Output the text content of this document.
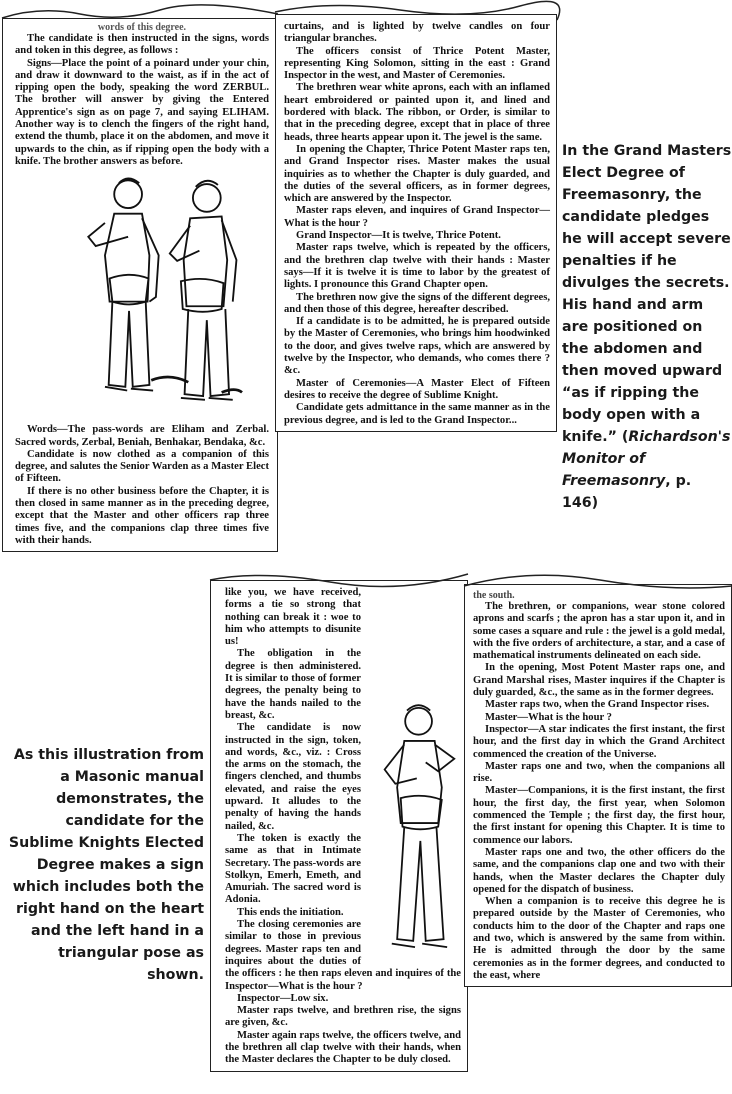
words of this degree.

The candidate is then instructed in the signs, words and token in this degree, as follows :

Signs—Place the point of a poinard under your chin, and draw it downward to the waist, as if in the act of ripping open the body, speaking the word ZERBUL. The brother will answer by giving the Entered Apprentice's sign as on page 7, and saying ELIHAM. Another way is to clench the fingers of the right hand, extend the thumb, place it on the abdomen, and move it upwards to the chin, as if ripping open the body with a knife. The brother answers as before.

Words—The pass-words are Eliham and Zerbal. Sacred words, Zerbal, Beniah, Benhakar, Bendaka, &c.

Candidate is now clothed as a companion of this degree, and salutes the Senior Warden as a Master Elect of Fifteen.

If there is no other business before the Chapter, it is then closed in same manner as in the preceding degree, except that the Master and other officers rap three times five, and the companions clap three times five with their hands.

curtains, and is lighted by twelve candles on four triangular branches.

The officers consist of Thrice Potent Master, representing King Solomon, sitting in the east : Grand Inspector in the west, and Master of Ceremonies.

The brethren wear white aprons, each with an inflamed heart embroidered or painted upon it, and lined and bordered with black. The ribbon, or Order, is similar to that in the preceding degree, except that in place of three heads, three hearts appear upon it. The jewel is the same.

In opening the Chapter, Thrice Potent Master raps ten, and Grand Inspector rises. Master makes the usual inquiries as to whether the Chapter is duly guarded, and the duties of the several officers, as in former degrees, which are answered by the Inspector.

Master raps eleven, and inquires of Grand Inspector—What is the hour ?

Grand Inspector—It is twelve, Thrice Potent.

Master raps twelve, which is repeated by the officers, and the brethren clap twelve with their hands : Master says—If it is twelve it is time to labor by the greatest of lights. I pronounce this Grand Chapter open.

The brethren now give the signs of the different degrees, and then those of this degree, hereafter described.

If a candidate is to be admitted, he is prepared outside by the Master of Ceremonies, who brings him hoodwinked to the door, and gives twelve raps, which are answered by twelve by the Inspector, who demands, who comes there ? &c.

Master of Ceremonies—A Master Elect of Fifteen desires to receive the degree of Sublime Knight.

Candidate gets admittance in the same manner as in the previous degree, and is led to the Grand Inspector...

In the Grand Masters Elect Degree of Freemasonry, the candidate pledges he will accept severe penalties if he divulges the secrets. His hand and arm are positioned on the abdomen and then moved upward “as if ripping the body open with a knife.” (Richardson's Monitor of Freemasonry, p. 146)

like you, we have received, forms a tie so strong that nothing can break it : woe to him who attempts to disunite us!

The obligation in the degree is then administered. It is similar to those of former degrees, the penalty being to have the hands nailed to the breast, &c.

The candidate is now instructed in the sign, token, and words, &c., viz. : Cross the arms on the stomach, the fingers clenched, and thumbs elevated, and raise the eyes upward. It alludes to the penalty of having the hands nailed, &c.

The token is exactly the same as that in Intimate Secretary. The pass-words are Stolkyn, Emerh, Emeth, and Amuriah. The sacred word is Adonia.

This ends the initiation.

The closing ceremonies are similar to those in previous degrees. Master raps ten and inquires about the duties of the officers : he then raps eleven and inquires of the Inspector—What is the hour ?

Inspector—Low six.

Master raps twelve, and brethren rise, the signs are given, &c.

Master again raps twelve, the officers twelve, and the brethren all clap twelve with their hands, when the Master declares the Chapter to be duly closed.

the south.

The brethren, or companions, wear stone colored aprons and scarfs ; the apron has a star upon it, and in some cases a square and rule : the jewel is a gold medal, with the five orders of architecture, a star, and a case of mathematical instruments delineated on each side.

In the opening, Most Potent Master raps one, and Grand Marshal rises, Master inquires if the Chapter is duly guarded, &c., the same as in the former degrees.

Master raps two, when the Grand Inspector rises.

Master—What is the hour ?

Inspector—A star indicates the first instant, the first hour, and the first day in which the Grand Architect commenced the creation of the Universe.

Master raps one and two, when the companions all rise.

Master—Companions, it is the first instant, the first hour, the first day, the first year, when Solomon commenced the Temple ; the first day, the first hour, the first instant for opening this Chapter. It is time to commence our labors.

Master raps one and two, the other officers do the same, and the companions clap one and two with their hands, when the Master declares the Chapter duly opened for the dispatch of business.

When a companion is to receive this degree he is prepared outside by the Master of Ceremonies, who conducts him to the door of the Chapter and raps one and two, which is answered by the same from within. He is admitted through the door by the same ceremonies as in the former degrees, and conducted to the east, where

As this illustration from a Masonic manual demonstrates, the candidate for the Sublime Knights Elected Degree makes a sign which includes both the right hand on the heart and the left hand in a triangular pose as shown.
